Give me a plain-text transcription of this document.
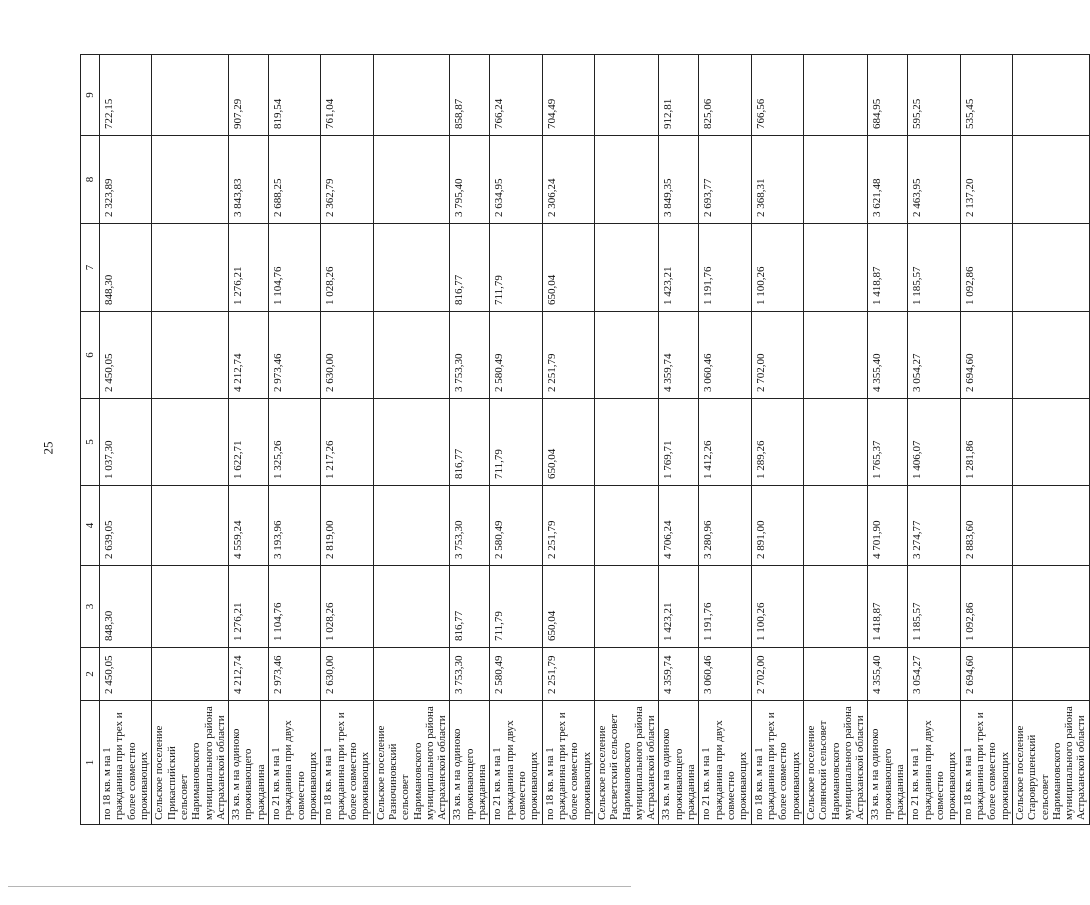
25
1	2	3	4	5	6	7	8	9
по 18 кв. м на 1 гражданина при трех и более совместно проживающих	2 450,05	848,30	2 639,05	1 037,30	2 450,05	848,30	2 323,89	722,15
Сельское поселение Прикаспийский сельсовет Наримановского муниципального района Астраханской области								
33 кв. м на одиноко проживающего гражданина	4 212,74	1 276,21	4 559,24	1 622,71	4 212,74	1 276,21	3 843,83	907,29
по 21 кв. м на 1 гражданина при двух совместно проживающих	2 973,46	1 104,76	3 193,96	1 325,26	2 973,46	1 104,76	2 688,25	819,54
по 18 кв. м на 1 гражданина при трех и более совместно проживающих	2 630,00	1 028,26	2 819,00	1 217,26	2 630,00	1 028,26	2 362,79	761,04
Сельское поселение Разночиновский сельсовет Наримановского муниципального района Астраханской области								
33 кв. м на одиноко проживающего гражданина	3 753,30	816,77	3 753,30	816,77	3 753,30	816,77	3 795,40	858,87
по 21 кв. м на 1 гражданина при двух совместно проживающих	2 580,49	711,79	2 580,49	711,79	2 580,49	711,79	2 634,95	766,24
по 18 кв. м на 1 гражданина при трех и более совместно проживающих	2 251,79	650,04	2 251,79	650,04	2 251,79	650,04	2 306,24	704,49
Сельское поселение Рассветский сельсовет Наримановского муниципального района Астраханской области								
33 кв. м на одиноко проживающего гражданина	4 359,74	1 423,21	4 706,24	1 769,71	4 359,74	1 423,21	3 849,35	912,81
по 21 кв. м на 1 гражданина при двух совместно проживающих	3 060,46	1 191,76	3 280,96	1 412,26	3 060,46	1 191,76	2 693,77	825,06
по 18 кв. м на 1 гражданина при трех и более совместно проживающих	2 702,00	1 100,26	2 891,00	1 289,26	2 702,00	1 100,26	2 368,31	766,56
Сельское поселение Солянский сельсовет Наримановского муниципального района Астраханской области								
33 кв. м на одиноко проживающего гражданина	4 355,40	1 418,87	4 701,90	1 765,37	4 355,40	1 418,87	3 621,48	684,95
по 21 кв. м на 1 гражданина при двух совместно проживающих	3 054,27	1 185,57	3 274,77	1 406,07	3 054,27	1 185,57	2 463,95	595,25
по 18 кв. м на 1 гражданина при трех и более совместно проживающих	2 694,60	1 092,86	2 883,60	1 281,86	2 694,60	1 092,86	2 137,20	535,45
Сельское поселение Староврушенский сельсовет Наримановского муниципального района Астраханской области								
